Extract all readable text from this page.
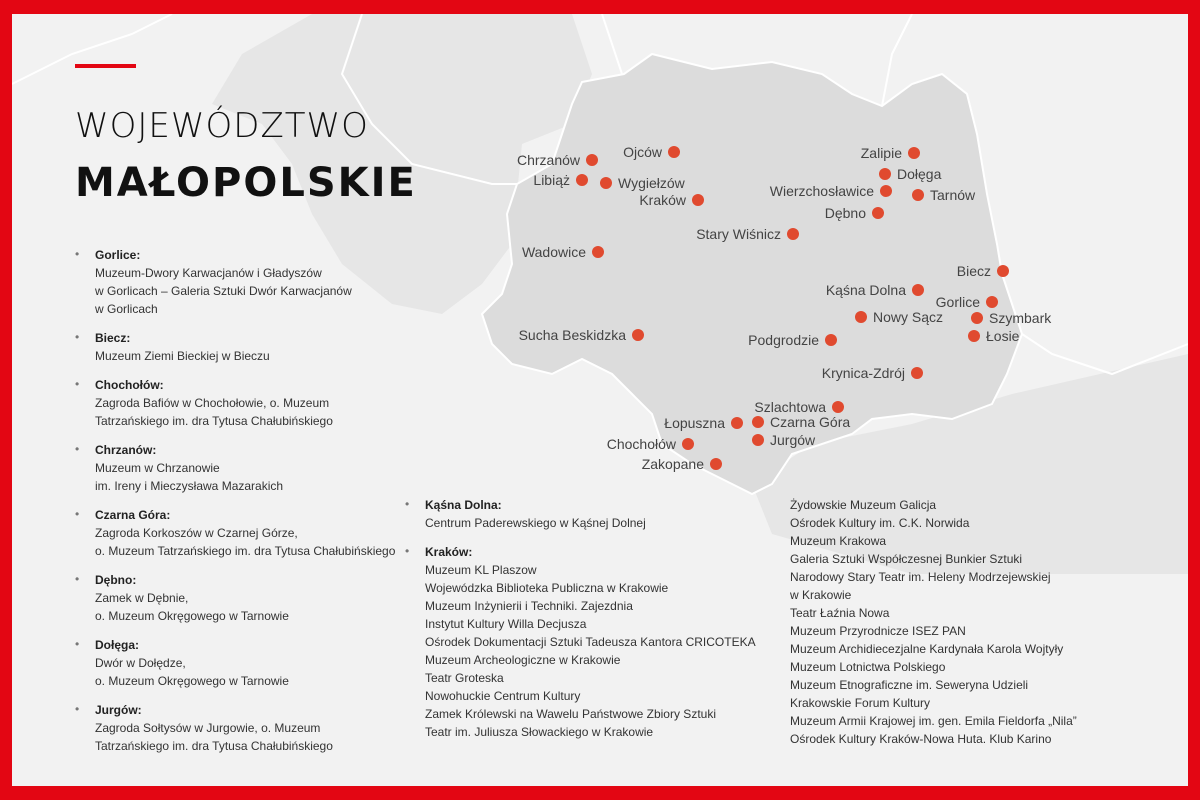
Chrzanów
Libiąż
Ojców
Wygiełzów
Kraków
Wadowice
Stary Wiśnicz
Zalipie
Dołęga
Wierzchosławice	Tarnów
Dębno
Biecz
Kąśna Dolna
Gorlice
Nowy Sącz	Szymbark
Łosie
Sucha Beskidzka	Podgrodzie
Krynica-Zdrój
Szlachtowa
Łopuszna	Czarna Góra
Jurgów
Chochołów
Zakopane
WOJEWÓDZTWO
MAŁOPOLSKIE
• Gorlice:
Muzeum-Dwory Karwacjanów i Gładyszów
w Gorlicach – Galeria Sztuki Dwór Karwacjanów
w Gorlicach
• Biecz:
Muzeum Ziemi Bieckiej w Bieczu
• Chochołów:
Zagroda Bafiów w Chochołowie, o. Muzeum
Tatrzańskiego im. dra Tytusa Chałubińskiego
• Chrzanów:
Muzeum w Chrzanowie
im. Ireny i Mieczysława Mazarakich
• Czarna Góra:
Zagroda Korkoszów w Czarnej Górze,
o. Muzeum Tatrzańskiego im. dra Tytusa Chałubińskiego
• Dębno:
Zamek w Dębnie,
o. Muzeum Okręgowego w Tarnowie
• Dołęga:
Dwór w Dołędze,
o. Muzeum Okręgowego w Tarnowie
• Jurgów:
Zagroda Sołtysów w Jurgowie, o. Muzeum
Tatrzańskiego im. dra Tytusa Chałubińskiego
• Kąśna Dolna:
Centrum Paderewskiego w Kąśnej Dolnej
• Kraków:
Muzeum KL Plaszow
Wojewódzka Biblioteka Publiczna w Krakowie
Muzeum Inżynierii i Techniki. Zajezdnia
Instytut Kultury Willa Decjusza
Ośrodek Dokumentacji Sztuki Tadeusza Kantora CRICOTEKA
Muzeum Archeologiczne w Krakowie
Teatr Groteska
Nowohuckie Centrum Kultury
Zamek Królewski na Wawelu Państwowe Zbiory Sztuki
Teatr im. Juliusza Słowackiego w Krakowie
Żydowskie Muzeum Galicja
Ośrodek Kultury im. C.K. Norwida
Muzeum Krakowa
Galeria Sztuki Współczesnej Bunkier Sztuki
Narodowy Stary Teatr im. Heleny Modrzejewskiej
w Krakowie
Teatr Łaźnia Nowa
Muzeum Przyrodnicze ISEZ PAN
Muzeum Archidiecezjalne Kardynała Karola Wojtyły
Muzeum Lotnictwa Polskiego
Muzeum Etnograficzne im. Seweryna Udzieli
Krakowskie Forum Kultury
Muzeum Armii Krajowej im. gen. Emila Fieldorfa „Nila”
Ośrodek Kultury Kraków-Nowa Huta. Klub Karino
